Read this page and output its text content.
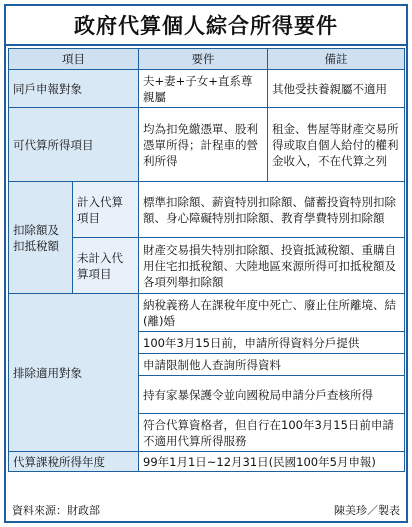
政府代算個人綜合所得要件
項目		要件	備註
同戶申報對象		夫+妻+子女+直系尊親屬	其他受扶養親屬不適用
可代算所得項目		均為扣免繳憑單、股利憑單所得；計程車的營利所得	租金、售屋等財產交易所得或取自個人給付的權利金收入，不在代算之列
扣除額及扣抵稅額	計入代算項目	標準扣除額、薪資特別扣除額、儲蓄投資特別扣除額、身心障礙特別扣除額、教育學費特別扣除額	
	未計入代算項目	財產交易損失特別扣除額、投資抵減稅額、重購自用住宅扣抵稅額、大陸地區來源所得可扣抵稅額及各項列舉扣除額	
排除適用對象		納稅義務人在課稅年度中死亡、廢止住所離境、結(離)婚	
		100年3月15日前，申請所得資料分戶提供	
		申請限制他人查詢所得資料	
		持有家暴保護令並向國稅局申請分戶查核所得	
		符合代算資格者，但自行在100年3月15日前申請不適用代算所得服務	
代算課稅所得年度		99年1月1日~12月31日(民國100年5月申報)	
資料來源：財政部	陳美珍／製表
